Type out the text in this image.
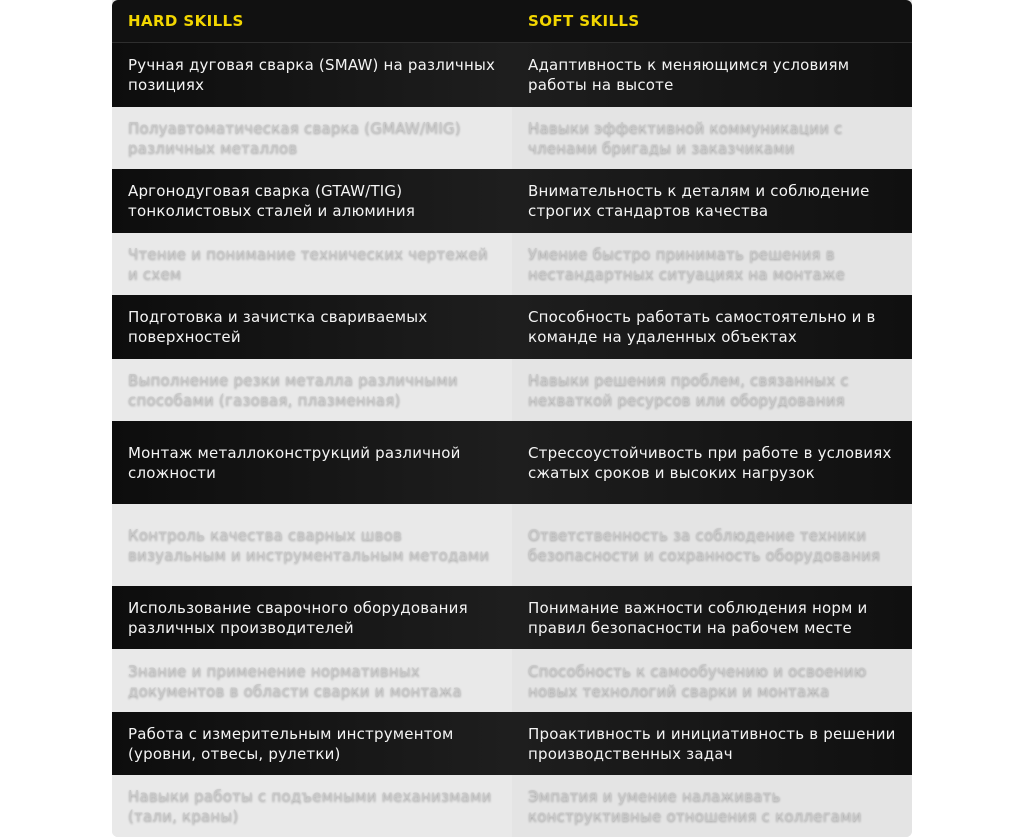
HARD SKILLS	SOFT SKILLS
Ручная дуговая сварка (SMAW) на различных позициях
Адаптивность к меняющимся условиям работы на высоте
Полуавтоматическая сварка (GMAW/MIG) различных металлов
Навыки эффективной коммуникации с членами бригады и заказчиками
Аргонодуговая сварка (GTAW/TIG) тонколистовых сталей и алюминия
Внимательность к деталям и соблюдение строгих стандартов качества
Чтение и понимание технических чертежей и схем
Умение быстро принимать решения в нестандартных ситуациях на монтаже
Подготовка и зачистка свариваемых поверхностей
Способность работать самостоятельно и в команде на удаленных объектах
Выполнение резки металла различными способами (газовая, плазменная)
Навыки решения проблем, связанных с нехваткой ресурсов или оборудования
Монтаж металлоконструкций различной сложности
Стрессоустойчивость при работе в условиях сжатых сроков и высоких нагрузок
Контроль качества сварных швов визуальным и инструментальным методами
Ответственность за соблюдение техники безопасности и сохранность оборудования
Использование сварочного оборудования различных производителей
Понимание важности соблюдения норм и правил безопасности на рабочем месте
Знание и применение нормативных документов в области сварки и монтажа
Способность к самообучению и освоению новых технологий сварки и монтажа
Работа с измерительным инструментом (уровни, отвесы, рулетки)
Проактивность и инициативность в решении производственных задач
Навыки работы с подъемными механизмами (тали, краны)
Эмпатия и умение налаживать конструктивные отношения с коллегами
